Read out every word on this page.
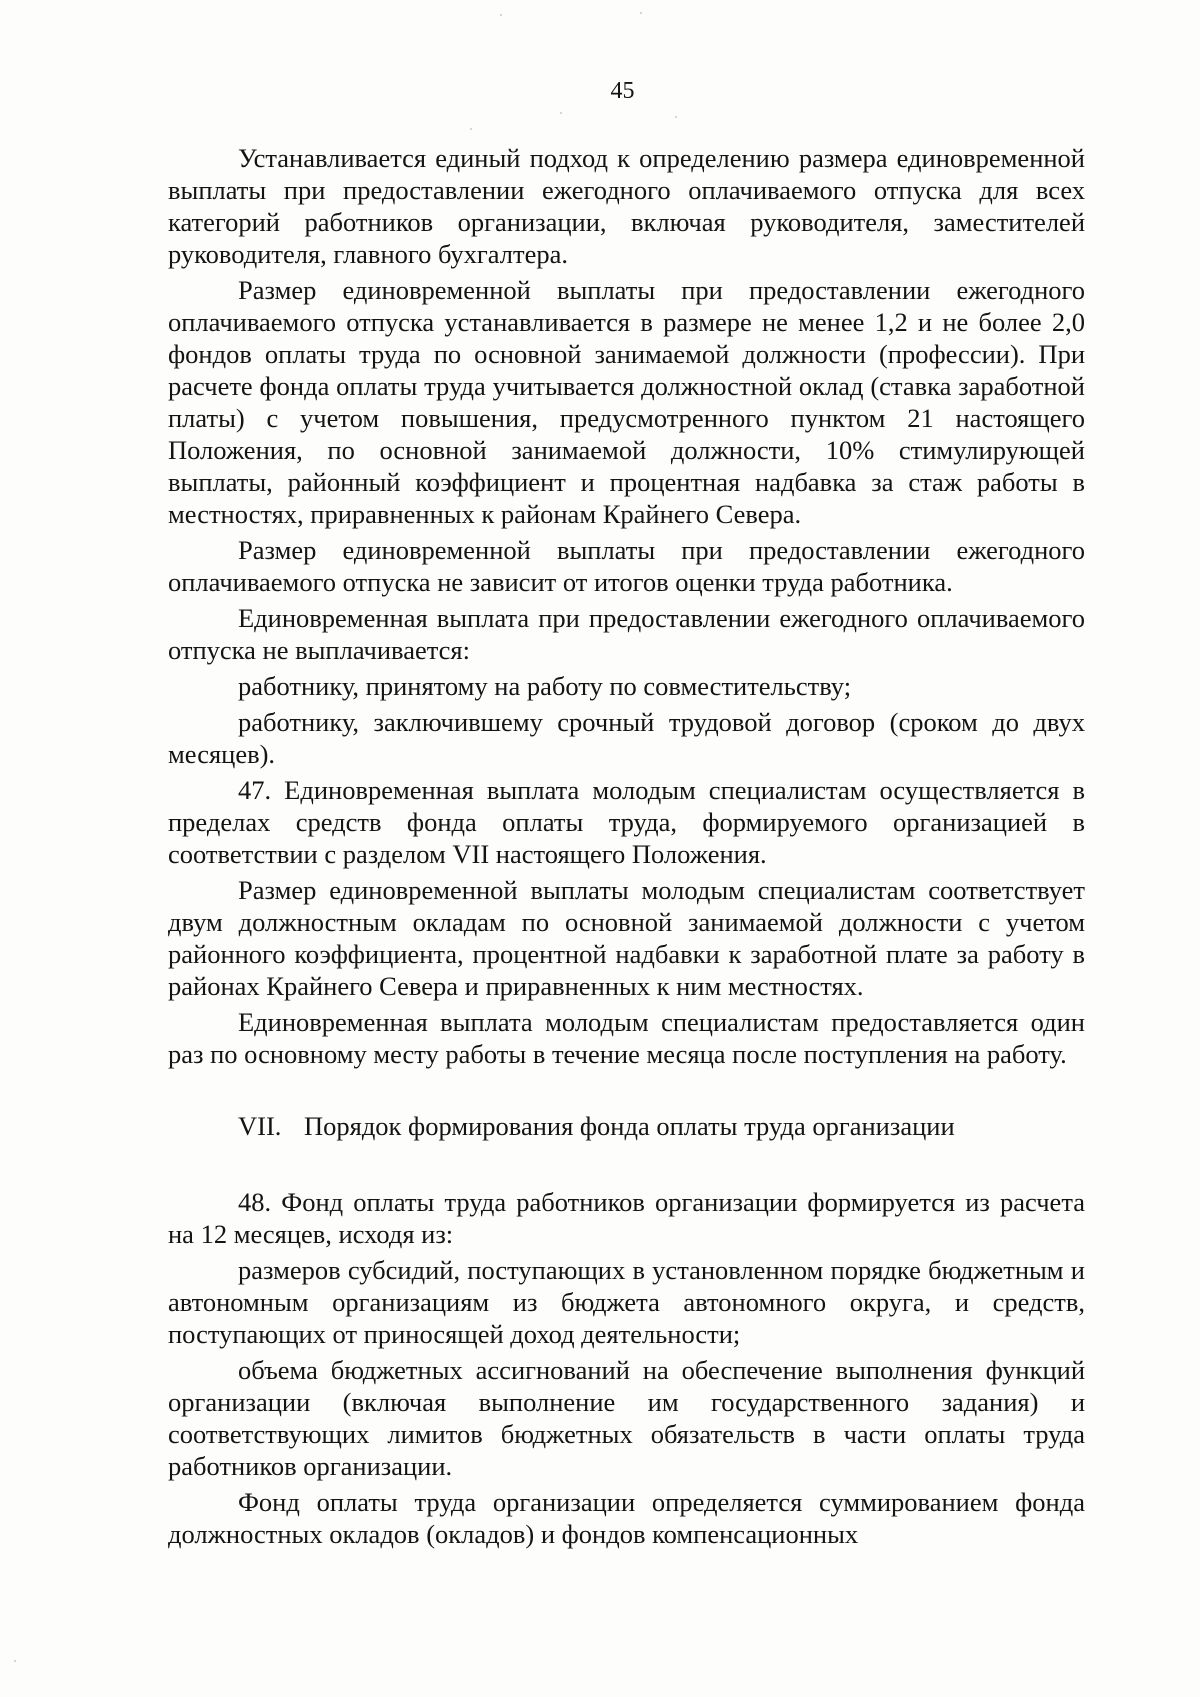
45

Устанавливается единый подход к определению размера единовременной выплаты при предоставлении ежегодного оплачиваемого отпуска для всех категорий работников организации, включая руководителя, заместителей руководителя, главного бухгалтера.

Размер единовременной выплаты при предоставлении ежегодного оплачиваемого отпуска устанавливается в размере не менее 1,2 и не более 2,0 фондов оплаты труда по основной занимаемой должности (профессии). При расчете фонда оплаты труда учитывается должностной оклад (ставка заработной платы) с учетом повышения, предусмотренного пунктом 21 настоящего Положения, по основной занимаемой должности, 10% стимулирующей выплаты, районный коэффициент и процентная надбавка за стаж работы в местностях, приравненных к районам Крайнего Севера.

Размер единовременной выплаты при предоставлении ежегодного оплачиваемого отпуска не зависит от итогов оценки труда работника.

Единовременная выплата при предоставлении ежегодного оплачиваемого отпуска не выплачивается:

работнику, принятому на работу по совместительству;

работнику, заключившему срочный трудовой договор (сроком до двух месяцев).

47. Единовременная выплата молодым специалистам осуществляется в пределах средств фонда оплаты труда, формируемого организацией в соответствии с разделом VII настоящего Положения.

Размер единовременной выплаты молодым специалистам соответствует двум должностным окладам по основной занимаемой должности с учетом районного коэффициента, процентной надбавки к заработной плате за работу в районах Крайнего Севера и приравненных к ним местностях.

Единовременная выплата молодым специалистам предоставляется один раз по основному месту работы в течение месяца после поступления на работу.

VII. Порядок формирования фонда оплаты труда организации

48. Фонд оплаты труда работников организации формируется из расчета на 12 месяцев, исходя из:

размеров субсидий, поступающих в установленном порядке бюджетным и автономным организациям из бюджета автономного округа, и средств, поступающих от приносящей доход деятельности;

объема бюджетных ассигнований на обеспечение выполнения функций организации (включая выполнение им государственного задания) и соответствующих лимитов бюджетных обязательств в части оплаты труда работников организации.

Фонд оплаты труда организации определяется суммированием фонда должностных окладов (окладов) и фондов компенсационных
